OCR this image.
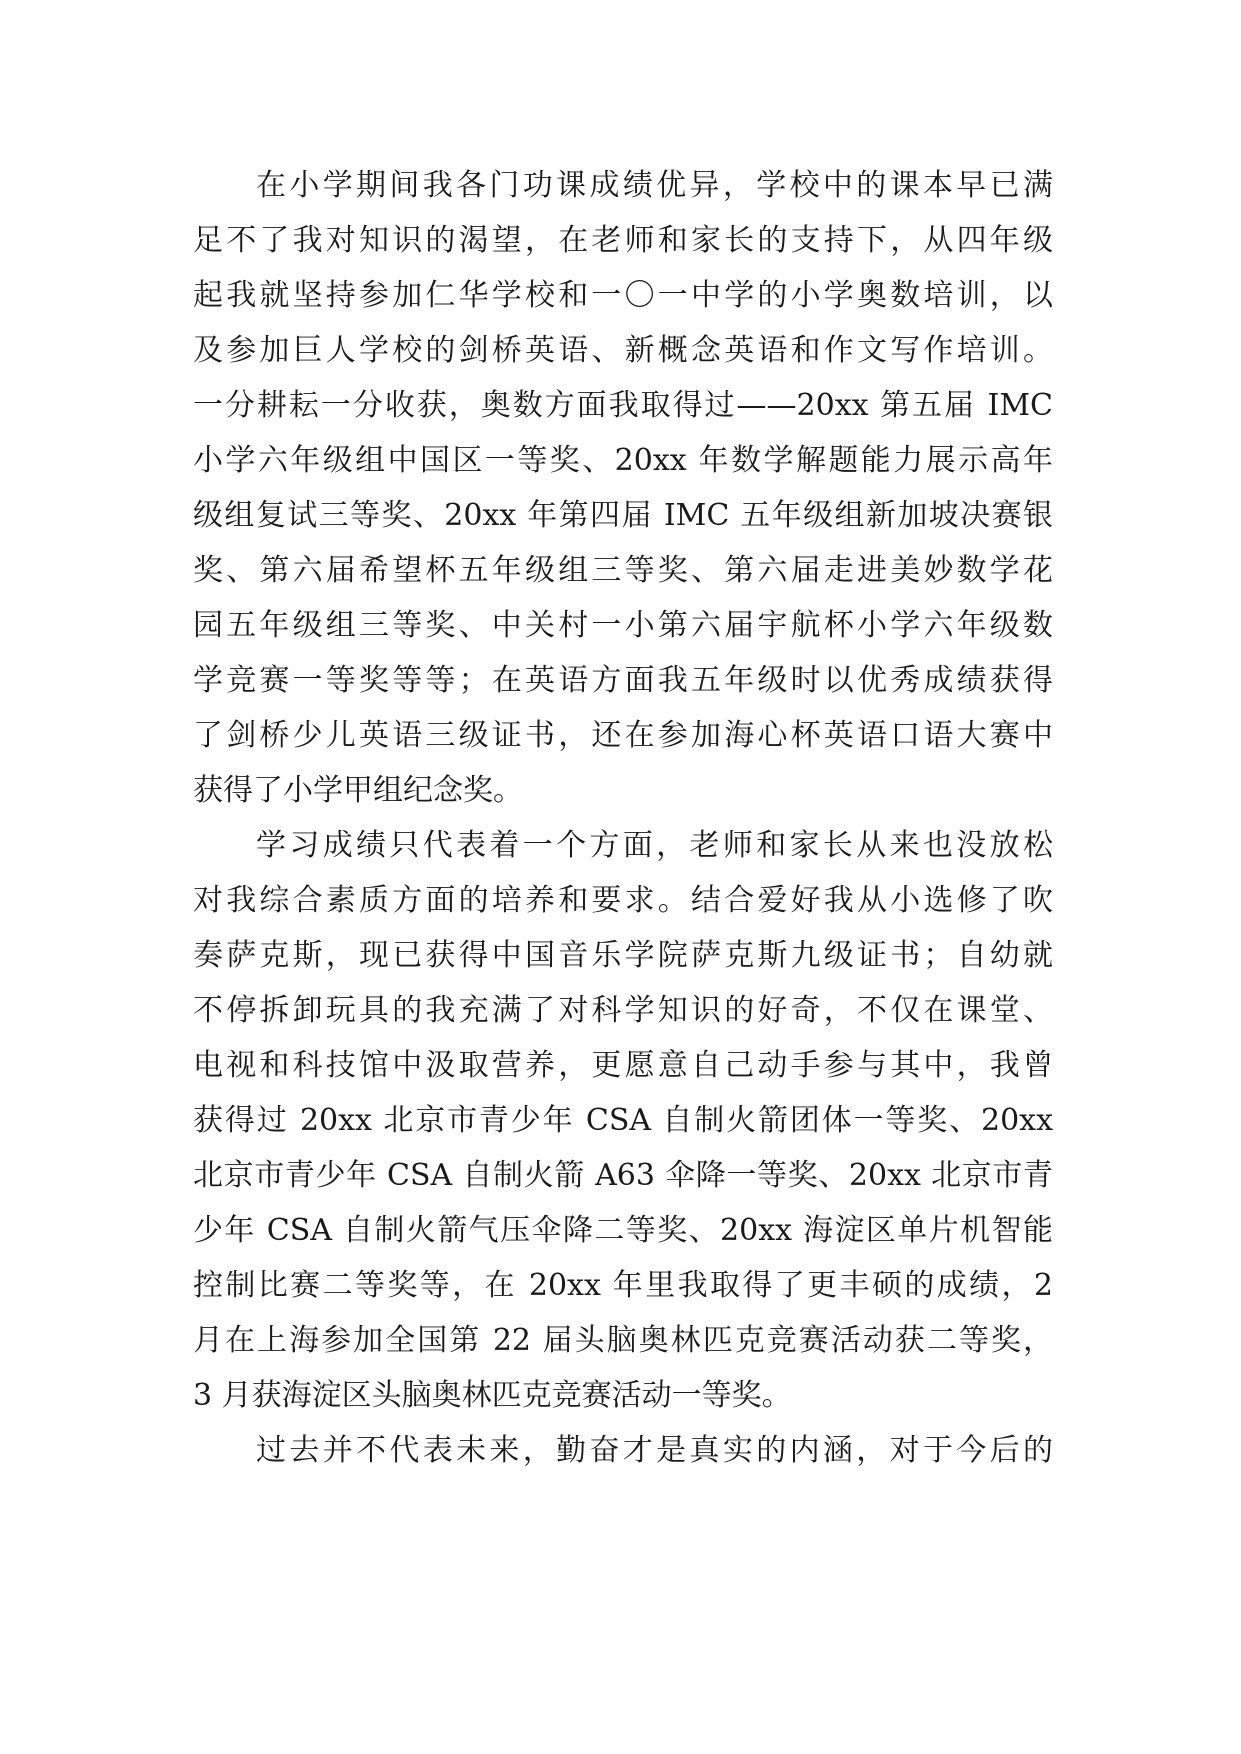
在小学期间我各门功课成绩优异，学校中的课本早已满
足不了我对知识的渴望，在老师和家长的支持下，从四年级
起我就坚持参加仁华学校和一〇一中学的小学奥数培训，以
及参加巨人学校的剑桥英语、新概念英语和作文写作培训。
一分耕耘一分收获，奥数方面我取得过——20xx 第五届 IMC
小学六年级组中国区一等奖、20xx 年数学解题能力展示高年
级组复试三等奖、20xx 年第四届 IMC 五年级组新加坡决赛银
奖、第六届希望杯五年级组三等奖、第六届走进美妙数学花
园五年级组三等奖、中关村一小第六届宇航杯小学六年级数
学竞赛一等奖等等；在英语方面我五年级时以优秀成绩获得
了剑桥少儿英语三级证书，还在参加海心杯英语口语大赛中
获得了小学甲组纪念奖。
学习成绩只代表着一个方面，老师和家长从来也没放松
对我综合素质方面的培养和要求。结合爱好我从小选修了吹
奏萨克斯，现已获得中国音乐学院萨克斯九级证书；自幼就
不停拆卸玩具的我充满了对科学知识的好奇，不仅在课堂、
电视和科技馆中汲取营养，更愿意自己动手参与其中，我曾
获得过 20xx 北京市青少年 CSA 自制火箭团体一等奖、20xx
北京市青少年 CSA 自制火箭 A63 伞降一等奖、20xx 北京市青
少年 CSA 自制火箭气压伞降二等奖、20xx 海淀区单片机智能
控制比赛二等奖等，在 20xx 年里我取得了更丰硕的成绩，2
月在上海参加全国第 22 届头脑奥林匹克竞赛活动获二等奖，
3 月获海淀区头脑奥林匹克竞赛活动一等奖。
过去并不代表未来，勤奋才是真实的内涵，对于今后的
